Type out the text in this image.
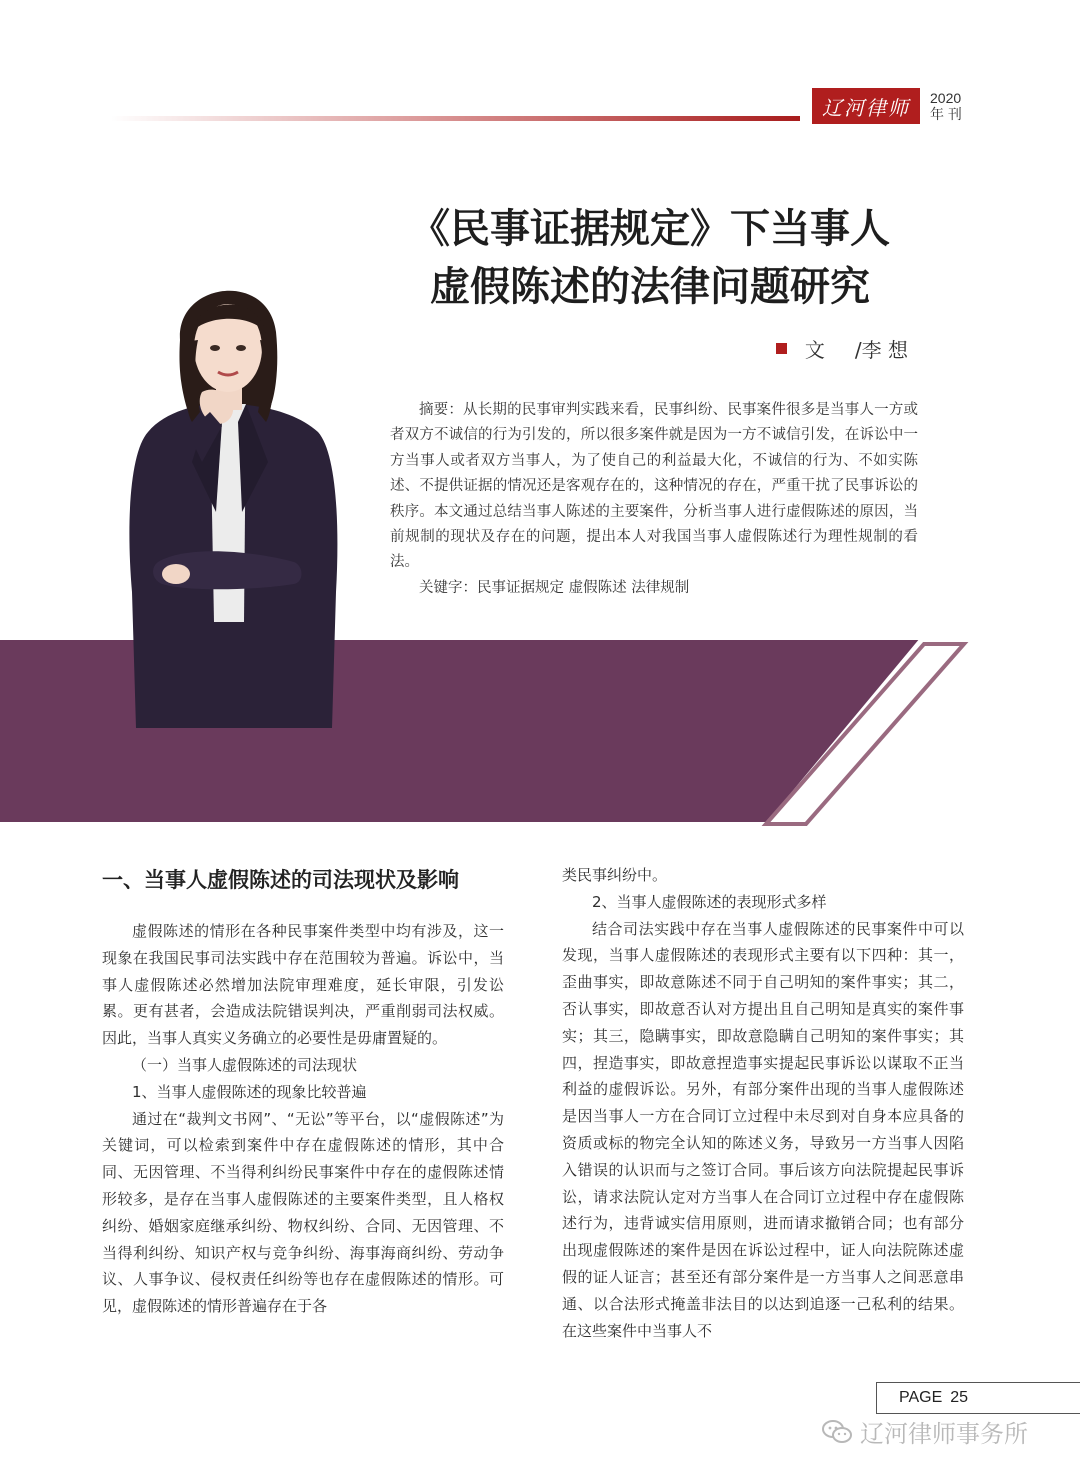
辽河律师	2020
年 刊
《民事证据规定》下当事人
虚假陈述的法律问题研究
文 /李 想

摘要：从长期的民事审判实践来看，民事纠纷、民事案件很多是当事人一方或者双方不诚信的行为引发的，所以很多案件就是因为一方不诚信引发，在诉讼中一方当事人或者双方当事人，为了使自己的利益最大化，不诚信的行为、不如实陈述、不提供证据的情况还是客观存在的，这种情况的存在，严重干扰了民事诉讼的秩序。本文通过总结当事人陈述的主要案件，分析当事人进行虚假陈述的原因，当前规制的现状及存在的问题，提出本人对我国当事人虚假陈述行为理性规制的看法。

关键字：民事证据规定 虚假陈述 法律规制

一、当事人虚假陈述的司法现状及影响

虚假陈述的情形在各种民事案件类型中均有涉及，这一现象在我国民事司法实践中存在范围较为普遍。诉讼中，当事人虚假陈述必然增加法院审理难度，延长审限，引发讼累。更有甚者，会造成法院错误判决，严重削弱司法权威。因此，当事人真实义务确立的必要性是毋庸置疑的。

（一）当事人虚假陈述的司法现状

1、当事人虚假陈述的现象比较普遍

通过在“裁判文书网”、“无讼”等平台，以“虚假陈述”为关键词，可以检索到案件中存在虚假陈述的情形，其中合同、无因管理、不当得利纠纷民事案件中存在的虚假陈述情形较多，是存在当事人虚假陈述的主要案件类型，且人格权纠纷、婚姻家庭继承纠纷、物权纠纷、合同、无因管理、不当得利纠纷、知识产权与竞争纠纷、海事海商纠纷、劳动争议、人事争议、侵权责任纠纷等也存在虚假陈述的情形。可见，虚假陈述的情形普遍存在于各

类民事纠纷中。

2、当事人虚假陈述的表现形式多样

结合司法实践中存在当事人虚假陈述的民事案件中可以发现，当事人虚假陈述的表现形式主要有以下四种：其一，歪曲事实，即故意陈述不同于自己明知的案件事实；其二，否认事实，即故意否认对方提出且自己明知是真实的案件事实；其三，隐瞒事实，即故意隐瞒自己明知的案件事实；其四，捏造事实，即故意捏造事实提起民事诉讼以谋取不正当利益的虚假诉讼。另外，有部分案件出现的当事人虚假陈述是因当事人一方在合同订立过程中未尽到对自身本应具备的资质或标的物完全认知的陈述义务，导致另一方当事人因陷入错误的认识而与之签订合同。事后该方向法院提起民事诉讼，请求法院认定对方当事人在合同订立过程中存在虚假陈述行为，违背诚实信用原则，进而请求撤销合同；也有部分出现虚假陈述的案件是因在诉讼过程中，证人向法院陈述虚假的证人证言；甚至还有部分案件是一方当事人之间恶意串通、以合法形式掩盖非法目的以达到追逐一己私利的结果。在这些案件中当事人不

PAGE 25
辽河律师事务所
